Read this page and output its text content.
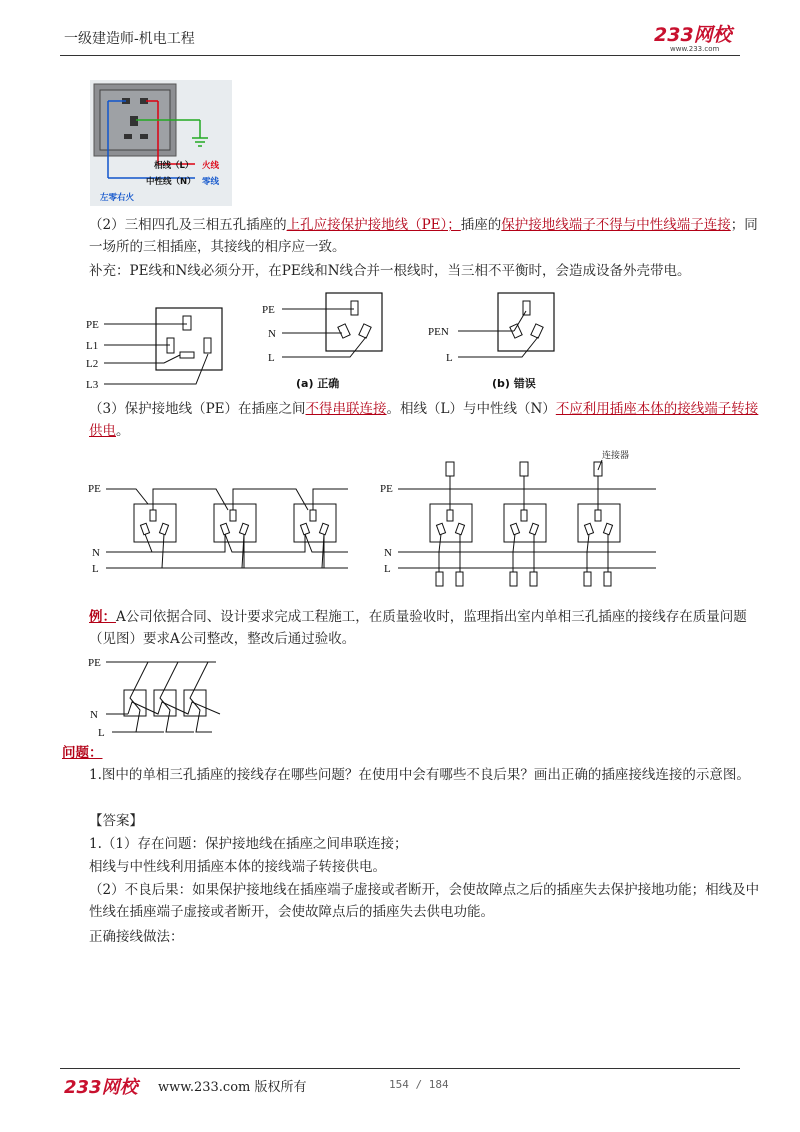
一级建造师-机电工程	233网校
www.233.com
相线（L） 火线
中性线（N） 零线
左零右火
（2）三相四孔及三相五孔插座的上孔应接保护接地线（PE）；插座的保护接地线端子不得与中性线端子连接；同一场所的三相插座，其接线的相序应一致。
补充：PE线和N线必须分开，在PE线和N线合并一根线时，当三相不平衡时，会造成设备外壳带电。
PE
L1
L2
L3
PE
N
L
(a) 正确
PEN
L
(b) 错误
（3）保护接地线（PE）在插座之间不得串联连接。相线（L）与中性线（N）不应利用插座本体的接线端子转接供电。
PE
N
L
PE
N
L
连接器
例：A公司依据合同、设计要求完成工程施工，在质量验收时，监理指出室内单相三孔插座的接线存在质量问题（见图）要求A公司整改，整改后通过验收。
PE
N
L
问题：
1.图中的单相三孔插座的接线存在哪些问题？在使用中会有哪些不良后果？画出正确的插座接线连接的示意图。
【答案】
1.（1）存在问题：保护接地线在插座之间串联连接；
相线与中性线利用插座本体的接线端子转接供电。
（2）不良后果：如果保护接地线在插座端子虚接或者断开，会使故障点之后的插座失去保护接地功能；相线及中性线在插座端子虚接或者断开，会使故障点后的插座失去供电功能。
正确接线做法：
233网校 www.233.com 版权所有	154 / 184
